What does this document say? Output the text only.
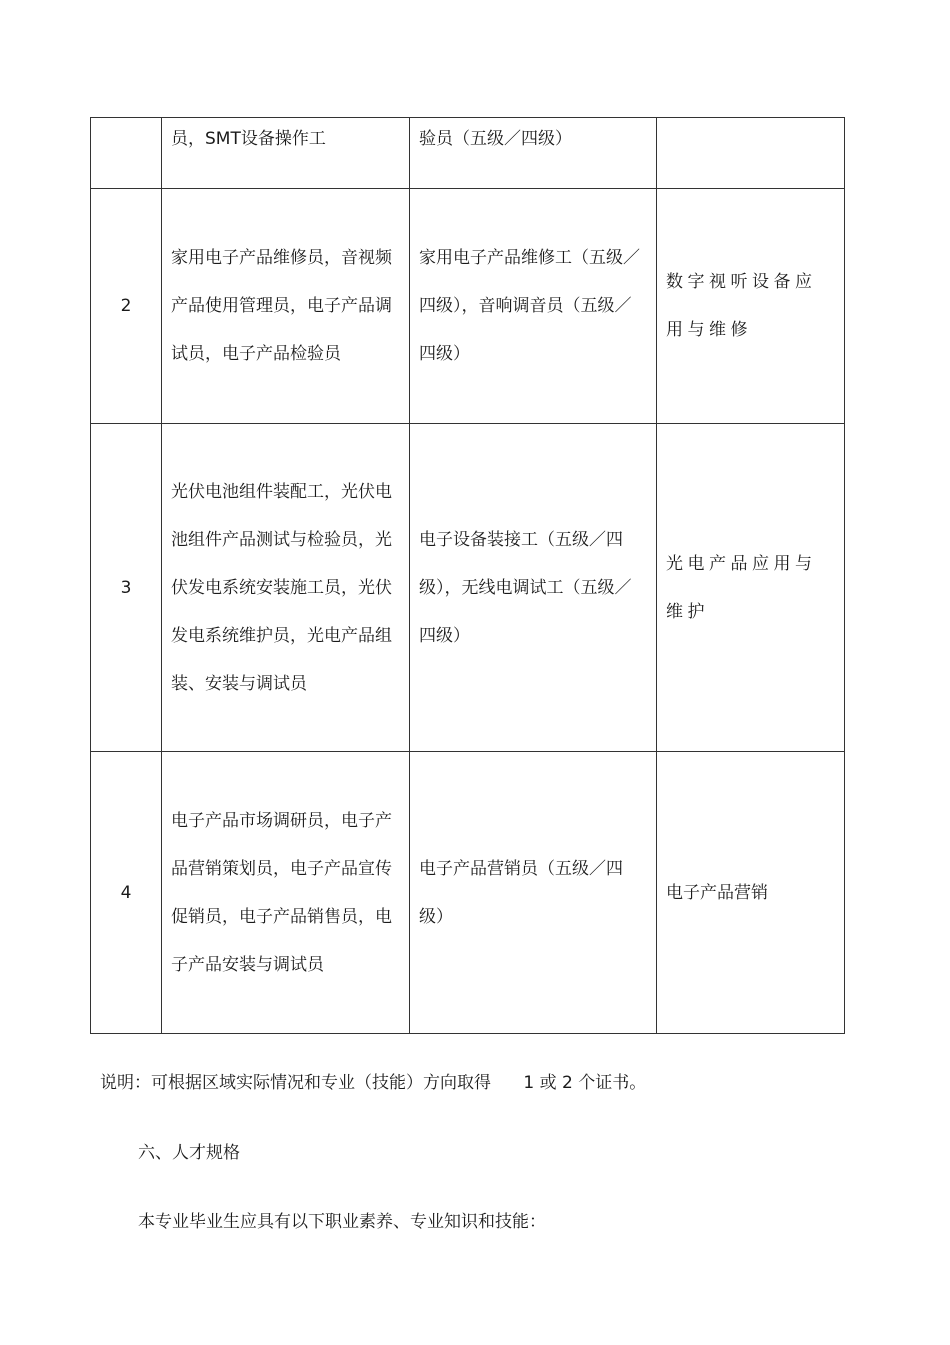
	员，SMT设备操作工	验员（五级／四级）	
2	家用电子产品维修员，音视频产品使用管理员，电子产品调试员，电子产品检验员	家用电子产品维修工（五级／四级），音响调音员（五级／四级）	数字视听设备应用与维修
3	光伏电池组件装配工，光伏电池组件产品测试与检验员，光伏发电系统安装施工员，光伏发电系统维护员，光电产品组装、安装与调试员	电子设备装接工（五级／四级），无线电调试工（五级／四级）	光电产品应用与维护
4	电子产品市场调研员，电子产品营销策划员，电子产品宣传促销员，电子产品销售员，电子产品安装与调试员	电子产品营销员（五级／四级）	电子产品营销
说明：可根据区域实际情况和专业（技能）方向取得      1 或 2 个证书。
六、人才规格
本专业毕业生应具有以下职业素养、专业知识和技能：
